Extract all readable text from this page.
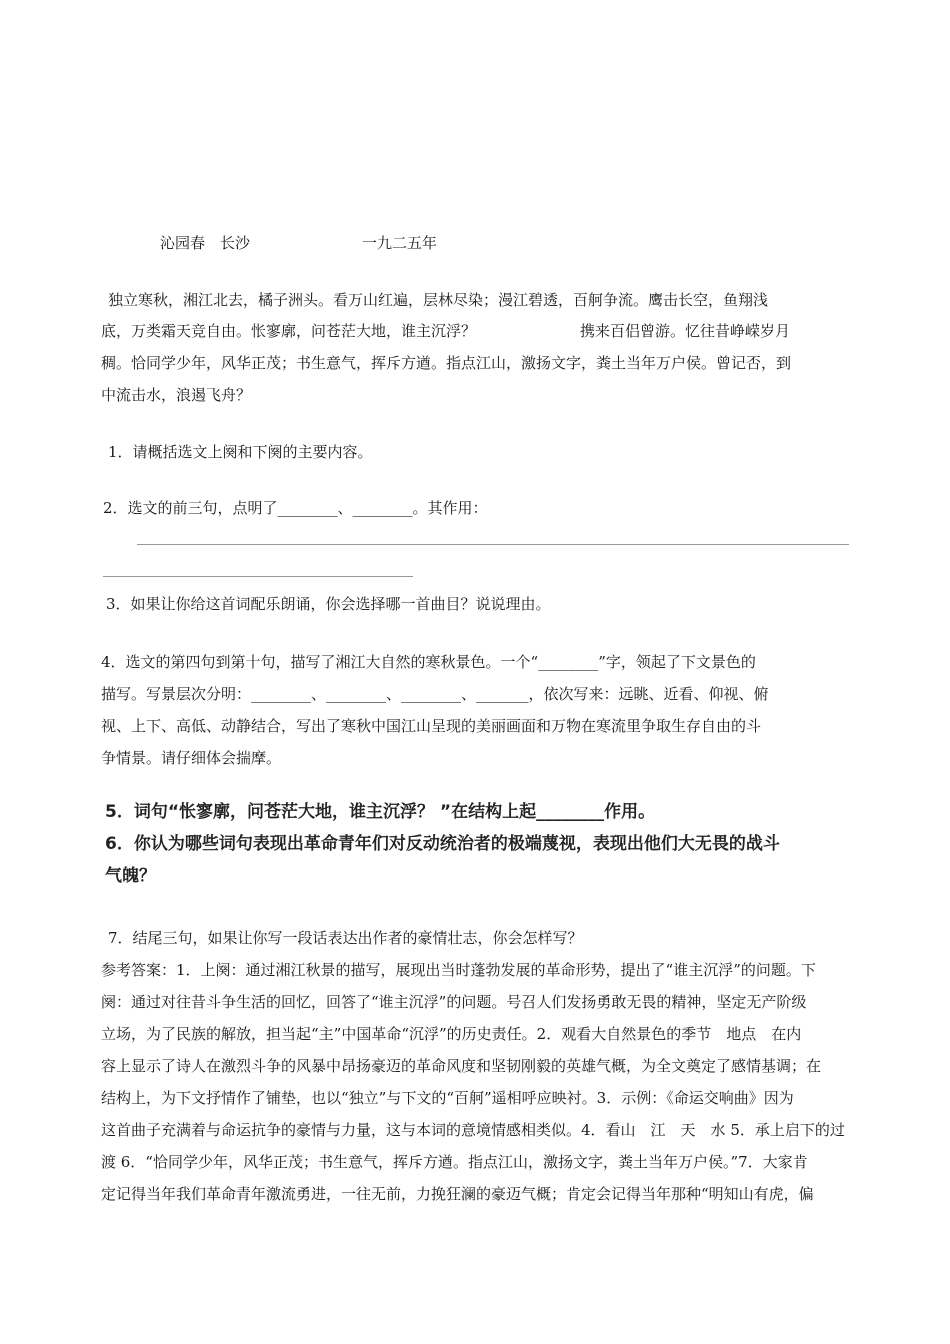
沁园春　长沙	一九二五年
独立寒秋，湘江北去，橘子洲头。看万山红遍，层林尽染；漫江碧透，百舸争流。鹰击长空，鱼翔浅
底，万类霜天竞自由。怅寥廓，问苍茫大地，谁主沉浮？	携来百侣曾游。忆往昔峥嵘岁月
稠。恰同学少年，风华正茂；书生意气，挥斥方遒。指点江山，激扬文字，粪土当年万户侯。曾记否，到
中流击水，浪遏飞舟？
1．请概括选文上阕和下阕的主要内容。
2．选文的前三句，点明了________、________。其作用：
3．如果让你给这首词配乐朗诵，你会选择哪一首曲目？说说理由。
4．选文的第四句到第十句，描写了湘江大自然的寒秋景色。一个“________”字，领起了下文景色的
描写。写景层次分明：________、________、________、_______，依次写来：远眺、近看、仰视、俯
视、上下、高低、动静结合，写出了寒秋中国江山呈现的美丽画面和万物在寒流里争取生存自由的斗
争情景。请仔细体会揣摩。
5．词句“怅寥廓，问苍茫大地，谁主沉浮？ ”在结构上起________作用。
6．你认为哪些词句表现出革命青年们对反动统治者的极端蔑视，表现出他们大无畏的战斗
气魄？
7．结尾三句，如果让你写一段话表达出作者的豪情壮志，你会怎样写？
参考答案：1．上阕：通过湘江秋景的描写，展现出当时蓬勃发展的革命形势，提出了“谁主沉浮”的问题。下
阕：通过对往昔斗争生活的回忆，回答了“谁主沉浮”的问题。号召人们发扬勇敢无畏的精神，坚定无产阶级
立场，为了民族的解放，担当起“主”中国革命“沉浮”的历史责任。2．观看大自然景色的季节　地点　在内
容上显示了诗人在激烈斗争的风暴中昂扬豪迈的革命风度和坚韧刚毅的英雄气概，为全文奠定了感情基调；在
结构上，为下文抒情作了铺垫，也以“独立”与下文的“百舸”遥相呼应映衬。3．示例：《命运交响曲》因为
这首曲子充满着与命运抗争的豪情与力量，这与本词的意境情感相类似。4．看山　江　天　水 5．承上启下的过
渡 6．“恰同学少年，风华正茂；书生意气，挥斥方遒。指点江山，激扬文字，粪土当年万户侯。”7．大家肯
定记得当年我们革命青年激流勇进，一往无前，力挽狂澜的豪迈气概；肯定会记得当年那种“明知山有虎，偏
